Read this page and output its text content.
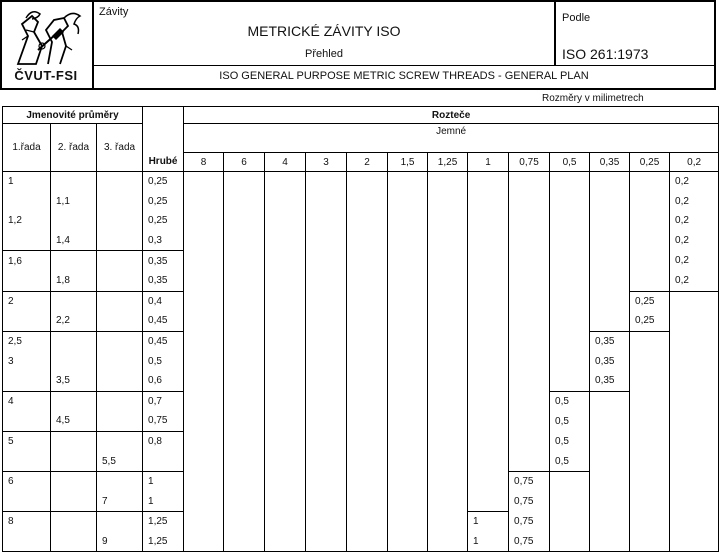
ČVUT-FSI
Závity
METRICKÉ ZÁVITY ISO
Přehled
Podle
ISO 261:1973
ISO GENERAL PURPOSE METRIC SCREW THREADS - GENERAL PLAN
Rozměry v milimetrech
Jmenovité průměry			Hrubé	Rozteče												
1.řada	2. řada	3. řada		Jemné												
				8	6	4	3	2	1,5	1,25	1	0,75	0,5	0,35	0,25	0,2
1			0,25													0,2
	1,1		0,25													0,2
1,2			0,25													0,2
	1,4		0,3													0,2
1,6			0,35													0,2
	1,8		0,35													0,2
2			0,4												0,25	
	2,2		0,45												0,25	
2,5			0,45											0,35		
3			0,5											0,35		
	3,5		0,6											0,35		
4			0,7										0,5			
	4,5		0,75										0,5			
5			0,8										0,5			
		5,5											0,5			
6			1									0,75				
		7	1									0,75				
8			1,25								1	0,75				
		9	1,25								1	0,75				
